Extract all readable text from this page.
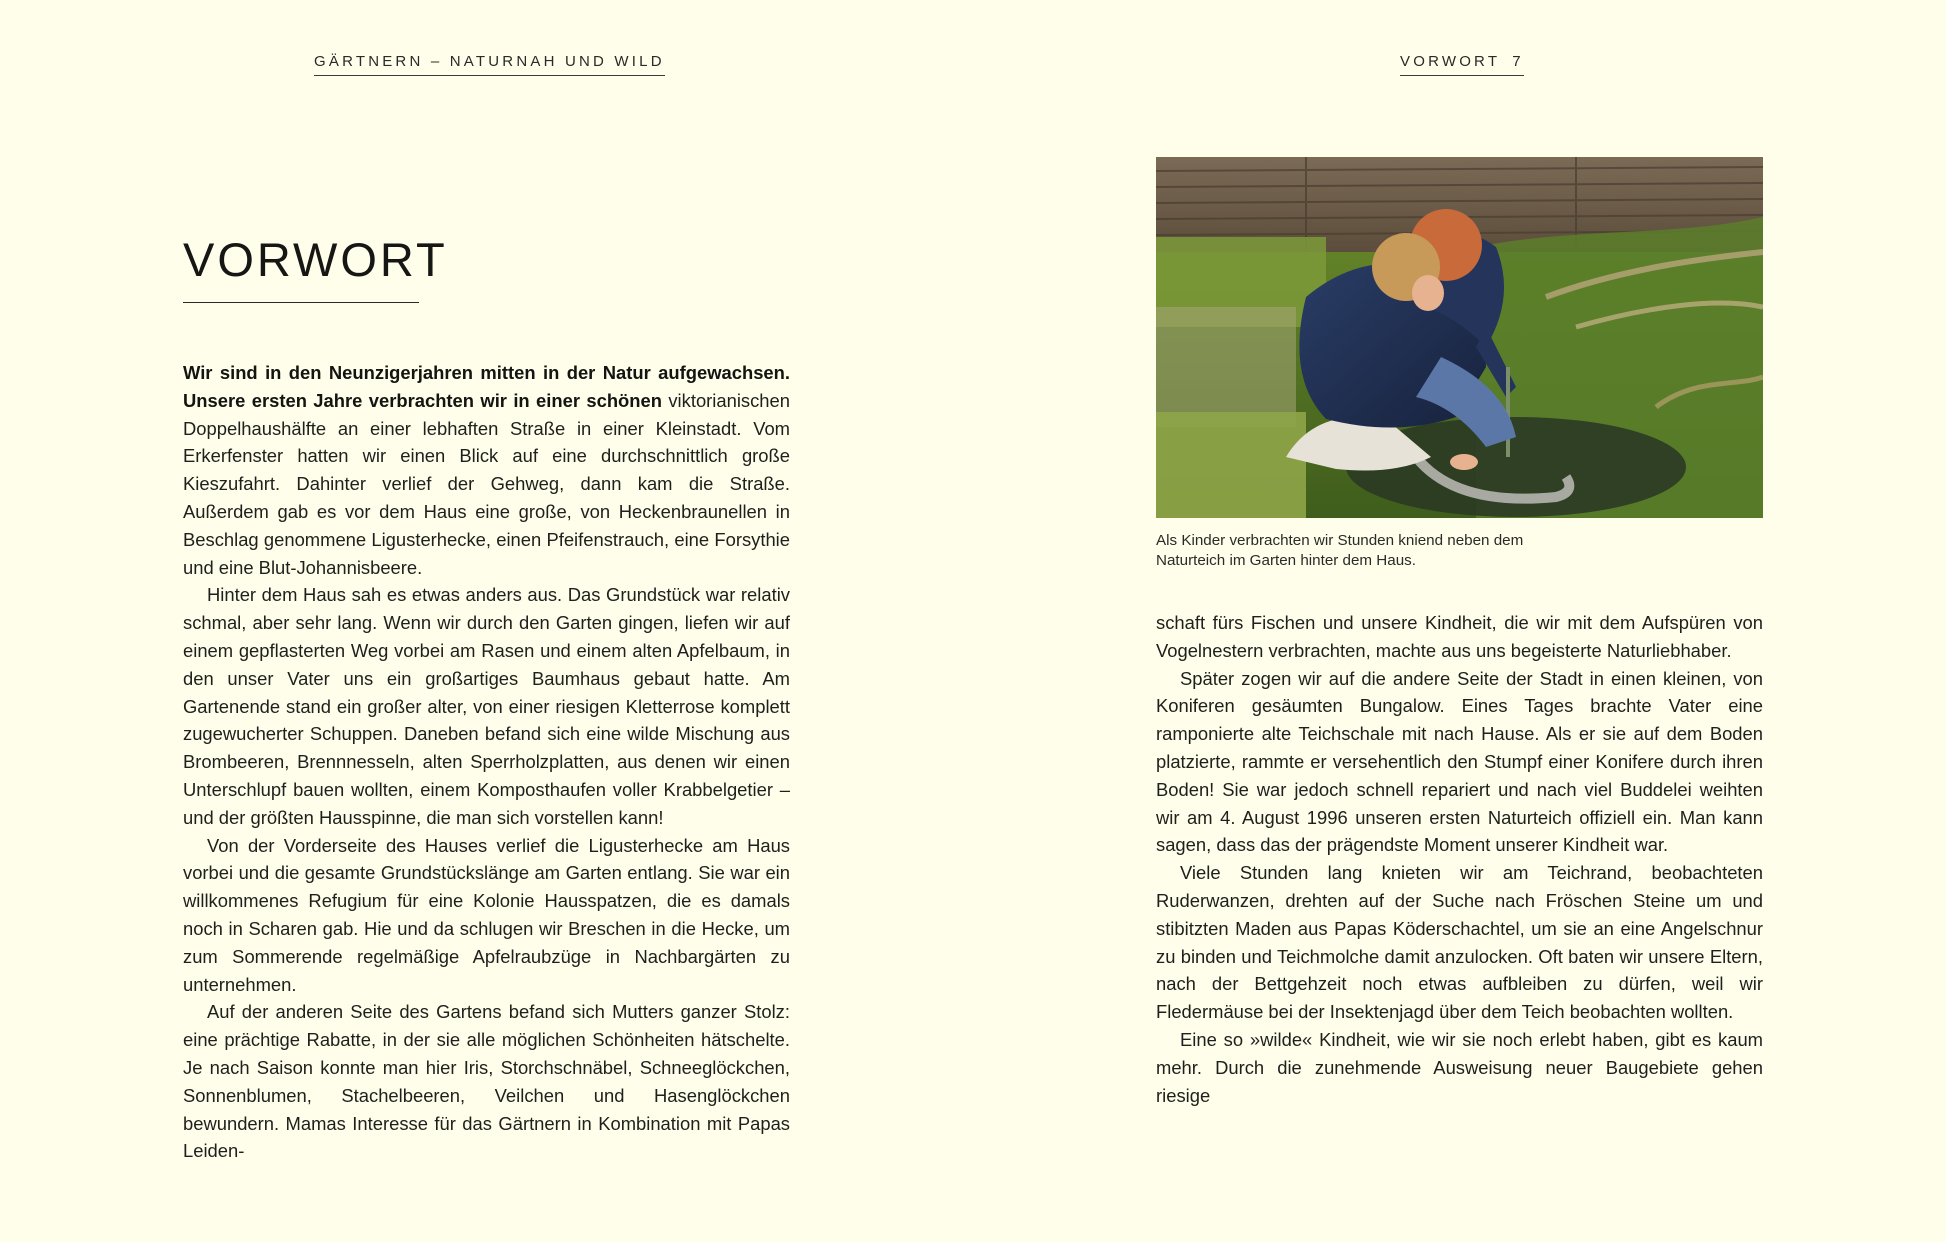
GÄRTNERN – NATURNAH UND WILD
VORWORT

Wir sind in den Neunzigerjahren mitten in der Natur aufgewachsen. Unsere ersten Jahre verbrachten wir in einer schönen viktorianischen Doppelhaushälfte an einer lebhaften Straße in einer Kleinstadt. Vom Erkerfenster hatten wir einen Blick auf eine durchschnittlich große Kieszufahrt. Dahinter verlief der Gehweg, dann kam die Straße. Außerdem gab es vor dem Haus eine große, von Heckenbraunellen in Beschlag genommene Ligusterhecke, einen Pfeifenstrauch, eine Forsythie und eine Blut-Johannisbeere.

Hinter dem Haus sah es etwas anders aus. Das Grundstück war relativ schmal, aber sehr lang. Wenn wir durch den Garten gingen, liefen wir auf einem gepflasterten Weg vorbei am Rasen und einem alten Apfelbaum, in den unser Vater uns ein großartiges Baumhaus gebaut hatte. Am Gartenende stand ein großer alter, von einer riesigen Kletterrose komplett zugewucherter Schuppen. Daneben befand sich eine wilde Mischung aus Brombeeren, Brennnesseln, alten Sperrholzplatten, aus denen wir einen Unterschlupf bauen wollten, einem Komposthaufen voller Krabbelgetier – und der größten Hausspinne, die man sich vorstellen kann!

Von der Vorderseite des Hauses verlief die Ligusterhecke am Haus vorbei und die gesamte Grundstückslänge am Garten entlang. Sie war ein willkommenes Refugium für eine Kolonie Hausspatzen, die es damals noch in Scharen gab. Hie und da schlugen wir Breschen in die Hecke, um zum Sommerende regelmäßige Apfelraubzüge in Nachbargärten zu unternehmen.

Auf der anderen Seite des Gartens befand sich Mutters ganzer Stolz: eine prächtige Rabatte, in der sie alle möglichen Schönheiten hätschelte. Je nach Saison konnte man hier Iris, Storchschnäbel, Schneeglöckchen, Sonnenblumen, Stachelbeeren, Veilchen und Hasenglöckchen bewundern. Mamas Interesse für das Gärtnern in Kombination mit Papas Leiden-

VORWORT 7
Als Kinder verbrachten wir Stunden kniend neben dem Naturteich im Garten hinter dem Haus.

schaft fürs Fischen und unsere Kindheit, die wir mit dem Aufspüren von Vogelnestern verbrachten, machte aus uns begeisterte Naturliebhaber.

Später zogen wir auf die andere Seite der Stadt in einen kleinen, von Koniferen gesäumten Bungalow. Eines Tages brachte Vater eine ramponierte alte Teichschale mit nach Hause. Als er sie auf dem Boden platzierte, rammte er versehentlich den Stumpf einer Konifere durch ihren Boden! Sie war jedoch schnell repariert und nach viel Buddelei weihten wir am 4. August 1996 unseren ersten Naturteich offiziell ein. Man kann sagen, dass das der prägendste Moment unserer Kindheit war.

Viele Stunden lang knieten wir am Teichrand, beobachteten Ruderwanzen, drehten auf der Suche nach Fröschen Steine um und stibitzten Maden aus Papas Köderschachtel, um sie an eine Angelschnur zu binden und Teichmolche damit anzulocken. Oft baten wir unsere Eltern, nach der Bettgehzeit noch etwas aufbleiben zu dürfen, weil wir Fledermäuse bei der Insektenjagd über dem Teich beobachten wollten.

Eine so »wilde« Kindheit, wie wir sie noch erlebt haben, gibt es kaum mehr. Durch die zunehmende Ausweisung neuer Baugebiete gehen riesige
